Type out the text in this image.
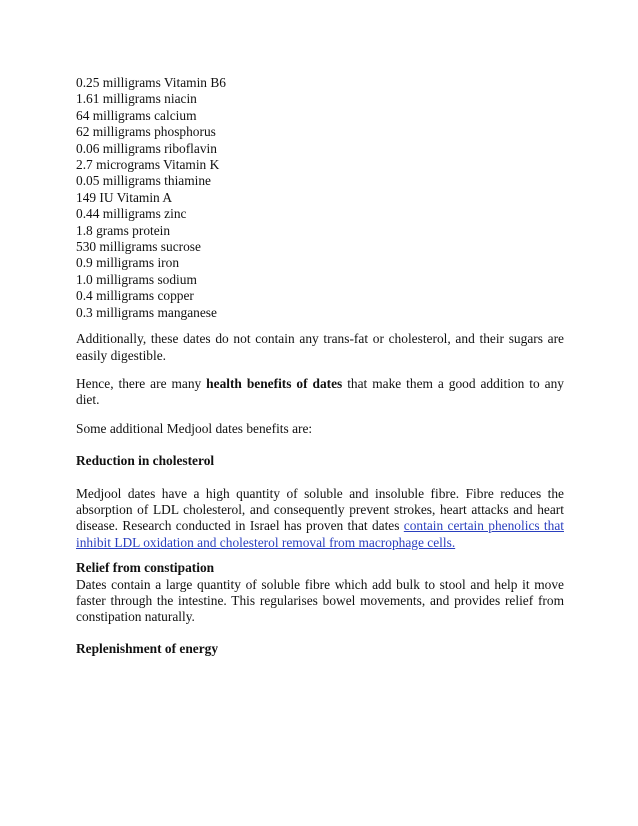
0.25 milligrams Vitamin B6
1.61 milligrams niacin
64 milligrams calcium
62 milligrams phosphorus
0.06 milligrams riboflavin
2.7 micrograms Vitamin K
0.05 milligrams thiamine
149 IU Vitamin A
0.44 milligrams zinc
1.8 grams protein
530 milligrams sucrose
0.9 milligrams iron
1.0 milligrams sodium
0.4 milligrams copper
0.3 milligrams manganese

Additionally, these dates do not contain any trans-fat or cholesterol, and their sugars are easily digestible.

Hence, there are many health benefits of dates that make them a good addition to any diet.

Some additional Medjool dates benefits are:

Reduction in cholesterol

Medjool dates have a high quantity of soluble and insoluble fibre. Fibre reduces the absorption of LDL cholesterol, and consequently prevent strokes, heart attacks and heart disease. Research conducted in Israel has proven that dates contain certain phenolics that inhibit LDL oxidation and cholesterol removal from macrophage cells.

Relief from constipation

Dates contain a large quantity of soluble fibre which add bulk to stool and help it move faster through the intestine. This regularises bowel movements, and provides relief from constipation naturally.

Replenishment of energy
